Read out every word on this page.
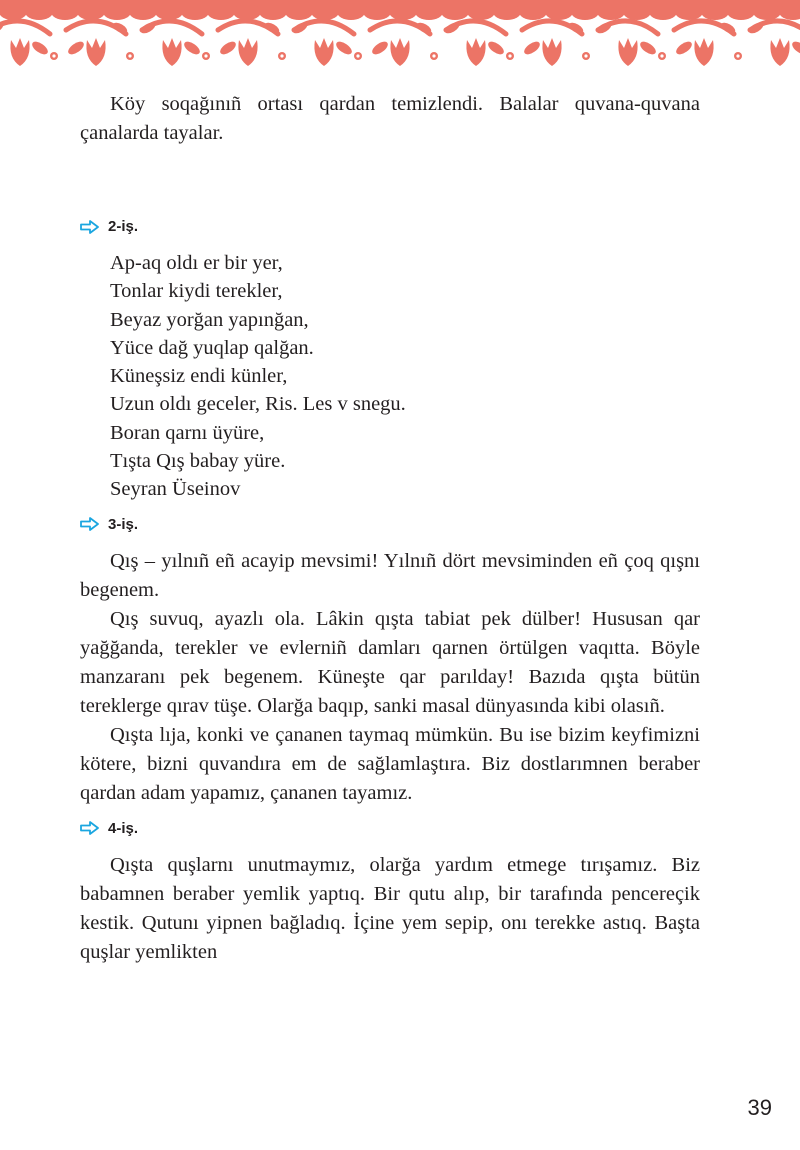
Köy soqağınıñ ortası qardan temizlendi. Balalar quvana-quvana çanalarda tayalar.

2-iş.
Ap-aq oldı er bir yer,
Tonlar kiydi terekler,
Beyaz yorğan yapınğan,
Yüce dağ yuqlap qalğan.
Küneşsiz endi künler,
Uzun oldı geceler, Ris. Les v snegu.
Boran qarnı üyüre,
Tışta Qış babay yüre.
Seyran Üseinov
3-iş.

Qış – yılnıñ eñ acayip mevsimi! Yılnıñ dört mevsiminden eñ çoq qışnı begenem.

Qış suvuq, ayazlı ola. Lâkin qışta tabiat pek dülber! Hususan qar yağğanda, terekler ve evlerniñ damları qarnen örtülgen vaqıtta. Böyle manzaranı pek begenem. Küneşte qar parılday! Bazıda qışta bütün tereklerge qırav tüşe. Olarğa baqıp, sanki masal dünyasında kibi olasıñ.

Qışta lıja, konki ve çananen taymaq mümkün. Bu ise bizim keyfimizni kötere, bizni quvandıra em de sağlamlaştıra. Biz dostlarımnen beraber qardan adam yapamız, çananen tayamız.

4-iş.

Qışta quşlarnı unutmaymız, olarğa yardım etmege tırışamız. Biz babamnen beraber yemlik yaptıq. Bir qutu alıp, bir tarafında pencereçik kestik. Qutunı yipnen bağladıq. İçine yem sepip, onı terekke astıq. Başta quşlar yemlikten

39
